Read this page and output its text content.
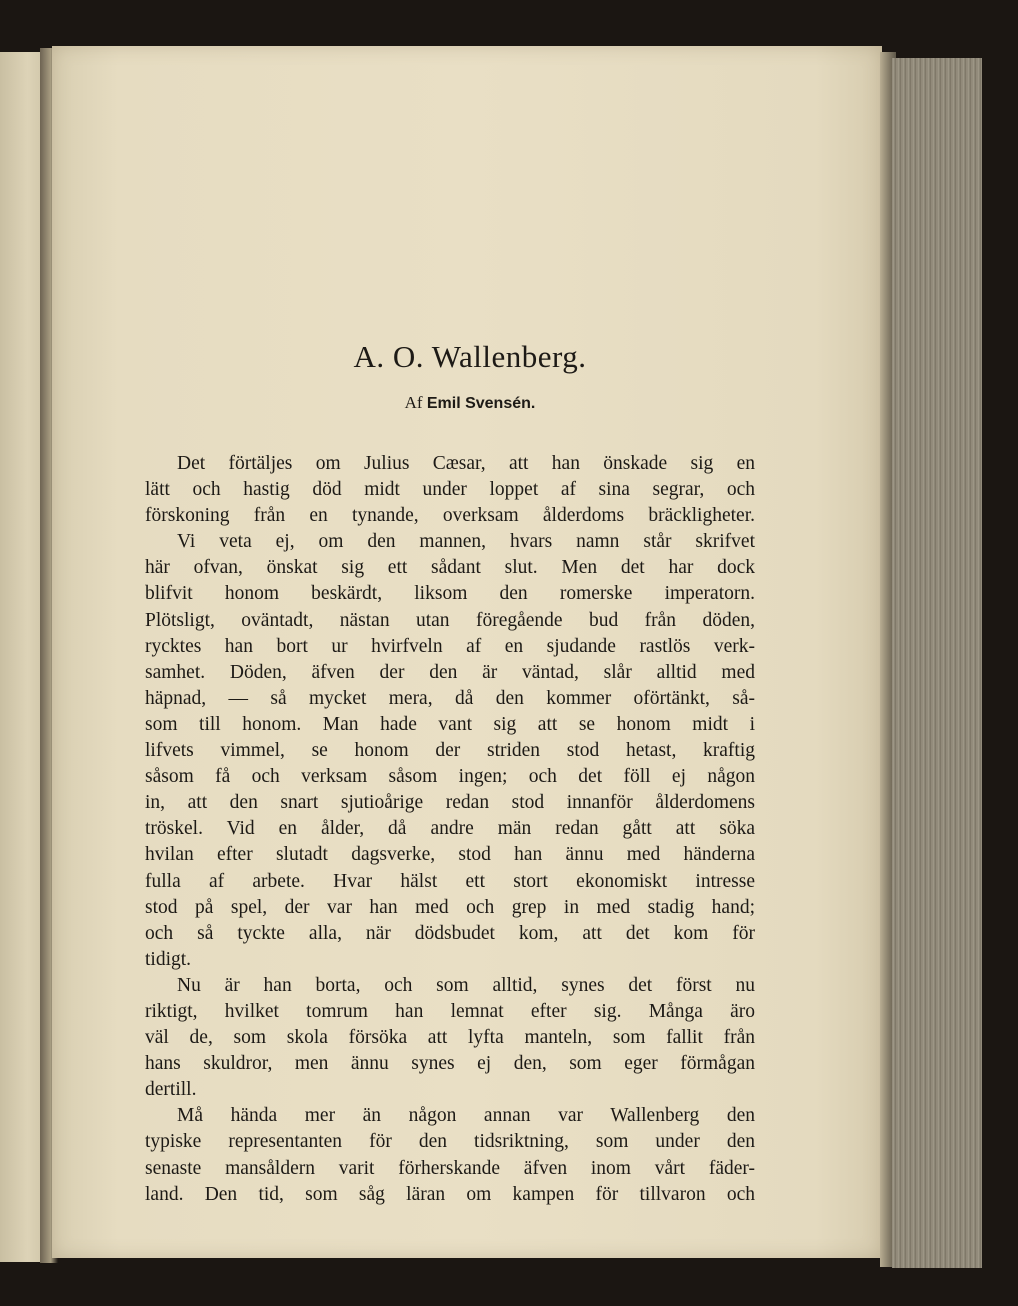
A. O. Wallenberg.
Af Emil Svensén.
Det förtäljes om Julius Cæsar, att han önskade sig en
lätt och hastig död midt under loppet af sina segrar, och
förskoning från en tynande, overksam ålderdoms bräckligheter.
Vi veta ej, om den mannen, hvars namn står skrifvet
här ofvan, önskat sig ett sådant slut. Men det har dock
blifvit honom beskärdt, liksom den romerske imperatorn.
Plötsligt, oväntadt, nästan utan föregående bud från döden,
rycktes han bort ur hvirfveln af en sjudande rastlös verk-
samhet. Döden, äfven der den är väntad, slår alltid med
häpnad, — så mycket mera, då den kommer oförtänkt, så-
som till honom. Man hade vant sig att se honom midt i
lifvets vimmel, se honom der striden stod hetast, kraftig
såsom få och verksam såsom ingen; och det föll ej någon
in, att den snart sjutioårige redan stod innanför ålderdomens
tröskel. Vid en ålder, då andre män redan gått att söka
hvilan efter slutadt dagsverke, stod han ännu med händerna
fulla af arbete. Hvar hälst ett stort ekonomiskt intresse
stod på spel, der var han med och grep in med stadig hand;
och så tyckte alla, när dödsbudet kom, att det kom för
tidigt.
Nu är han borta, och som alltid, synes det först nu
riktigt, hvilket tomrum han lemnat efter sig. Många äro
väl de, som skola försöka att lyfta manteln, som fallit från
hans skuldror, men ännu synes ej den, som eger förmågan
dertill.
Må hända mer än någon annan var Wallenberg den
typiske representanten för den tidsriktning, som under den
senaste mansåldern varit förherskande äfven inom vårt fäder-
land. Den tid, som såg läran om kampen för tillvaron och
